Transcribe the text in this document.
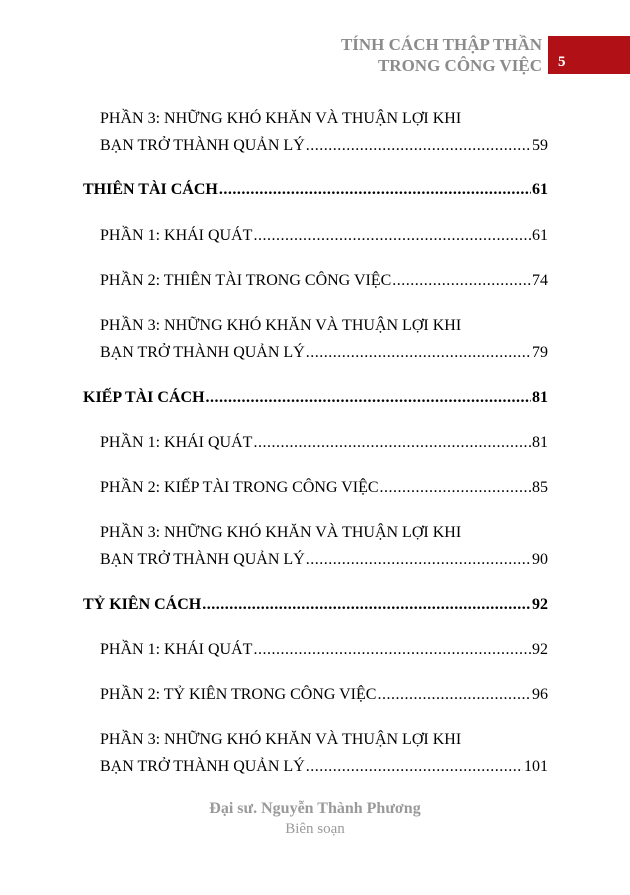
TÍNH CÁCH THẬP THẦN
TRONG CÔNG VIỆC	5
PHẦN 3: NHỮNG KHÓ KHĂN VÀ THUẬN LỢI KHI
BẠN TRỞ THÀNH QUẢN LÝ .....	59
THIÊN TÀI CÁCH .....	61
PHẦN 1: KHÁI QUÁT .....	61
PHẦN 2: THIÊN TÀI TRONG CÔNG VIỆC .....	74
PHẦN 3: NHỮNG KHÓ KHĂN VÀ THUẬN LỢI KHI
BẠN TRỞ THÀNH QUẢN LÝ .....	79
KIẾP TÀI CÁCH .....	81
PHẦN 1: KHÁI QUÁT .....	81
PHẦN 2: KIẾP TÀI TRONG CÔNG VIỆC .....	85
PHẦN 3: NHỮNG KHÓ KHĂN VÀ THUẬN LỢI KHI
BẠN TRỞ THÀNH QUẢN LÝ .....	90
TỶ KIÊN CÁCH .....	92
PHẦN 1: KHÁI QUÁT .....	92
PHẦN 2: TỶ KIÊN TRONG CÔNG VIỆC .....	96
PHẦN 3: NHỮNG KHÓ KHĂN VÀ THUẬN LỢI KHI
BẠN TRỞ THÀNH QUẢN LÝ .....	101
Đại sư. Nguyễn Thành Phương
Biên soạn
